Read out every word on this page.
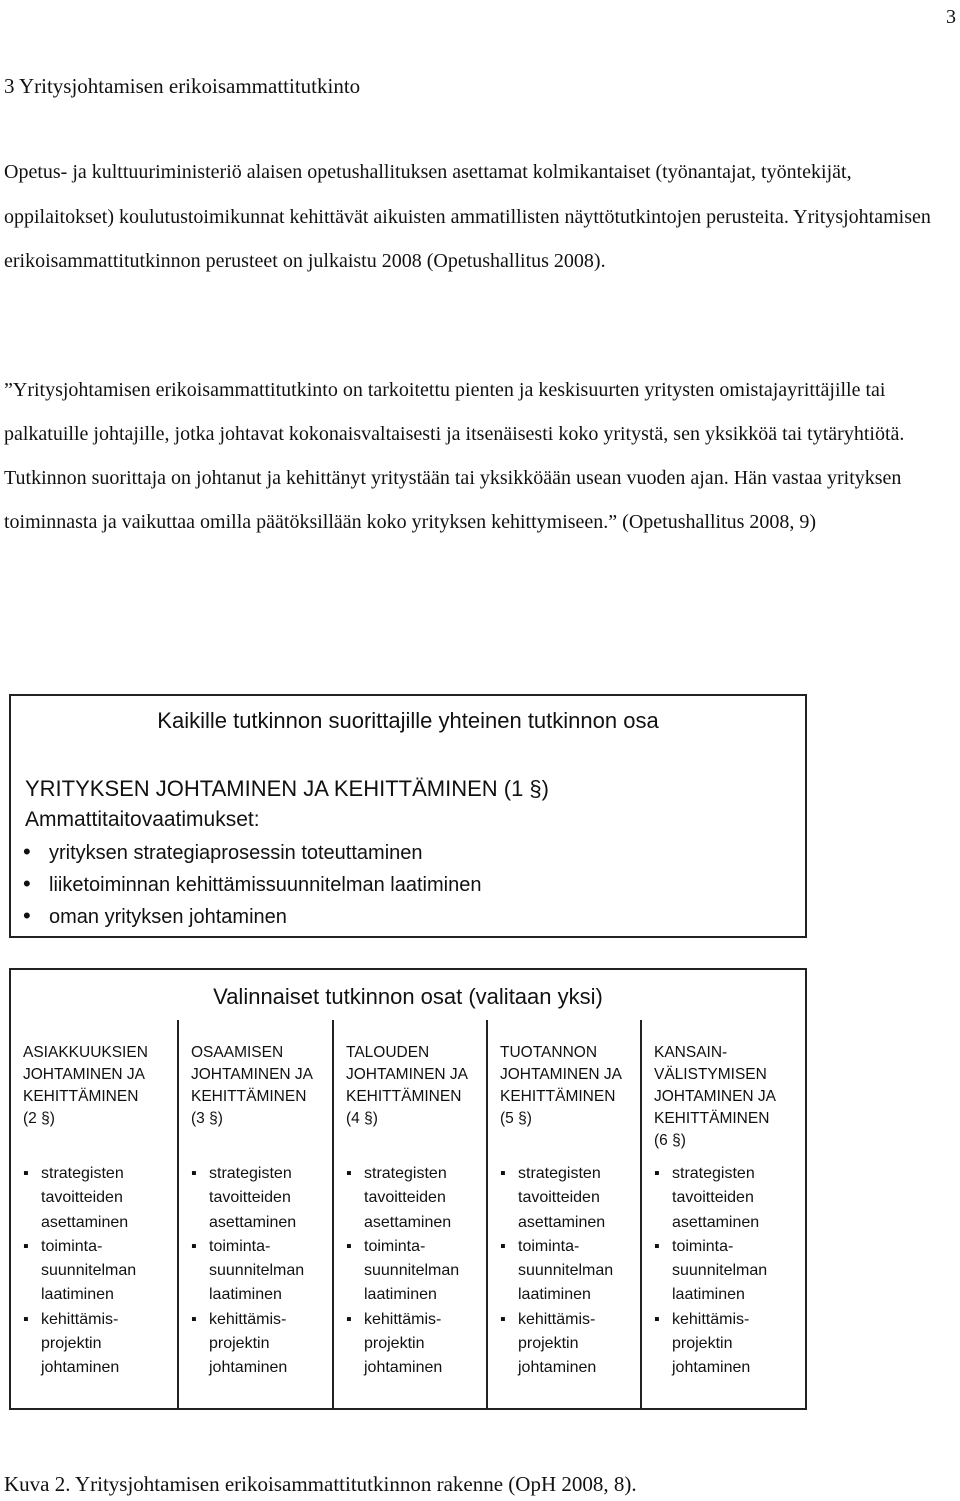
3
3 Yritysjohtamisen erikoisammattitutkinto

Opetus- ja kulttuuriministeriö alaisen opetushallituksen asettamat kolmikantaiset (työnantajat, työntekijät, oppilaitokset) koulutustoimikunnat kehittävät aikuisten ammatillisten näyttötutkintojen perusteita. Yritysjohtamisen erikoisammattitutkinnon perusteet on julkaistu 2008 (Opetushallitus 2008).

”Yritysjohtamisen erikoisammattitutkinto on tarkoitettu pienten ja keskisuurten yritysten omistajayrittäjille tai palkatuille johtajille, jotka johtavat kokonaisvaltaisesti ja itsenäisesti koko yritystä, sen yksikköä tai tytäryhtiötä. Tutkinnon suorittaja on johtanut ja kehittänyt yritystään tai yksikköään usean vuoden ajan. Hän vastaa yrityksen toiminnasta ja vaikuttaa omilla päätöksillään koko yrityksen kehittymiseen.” (Opetushallitus 2008, 9)

Kaikille tutkinnon suorittajille yhteinen tutkinnon osa
YRITYKSEN JOHTAMINEN JA KEHITTÄMINEN (1 §)
Ammattitaitovaatimukset:
• yrityksen strategiaprosessin toteuttaminen
• liiketoiminnan kehittämissuunnitelman laatiminen
• oman yrityksen johtaminen
Valinnaiset tutkinnon osat (valitaan yksi)
ASIAKKUUKSIEN
JOHTAMINEN JA
KEHITTÄMINEN
(2 §)
▪ strategisten
tavoitteiden
asettaminen
▪ toiminta-
suunnitelman
laatiminen
▪ kehittämis-
projektin
johtaminen
OSAAMISEN
JOHTAMINEN JA
KEHITTÄMINEN
(3 §)
▪ strategisten
tavoitteiden
asettaminen
▪ toiminta-
suunnitelman
laatiminen
▪ kehittämis-
projektin
johtaminen
TALOUDEN
JOHTAMINEN JA
KEHITTÄMINEN
(4 §)
▪ strategisten
tavoitteiden
asettaminen
▪ toiminta-
suunnitelman
laatiminen
▪ kehittämis-
projektin
johtaminen
TUOTANNON
JOHTAMINEN JA
KEHITTÄMINEN
(5 §)
▪ strategisten
tavoitteiden
asettaminen
▪ toiminta-
suunnitelman
laatiminen
▪ kehittämis-
projektin
johtaminen
KANSAIN-
VÄLISTYMISEN
JOHTAMINEN JA
KEHITTÄMINEN
(6 §)
▪ strategisten
tavoitteiden
asettaminen
▪ toiminta-
suunnitelman
laatiminen
▪ kehittämis-
projektin
johtaminen
Kuva 2. Yritysjohtamisen erikoisammattitutkinnon rakenne (OpH 2008, 8).
